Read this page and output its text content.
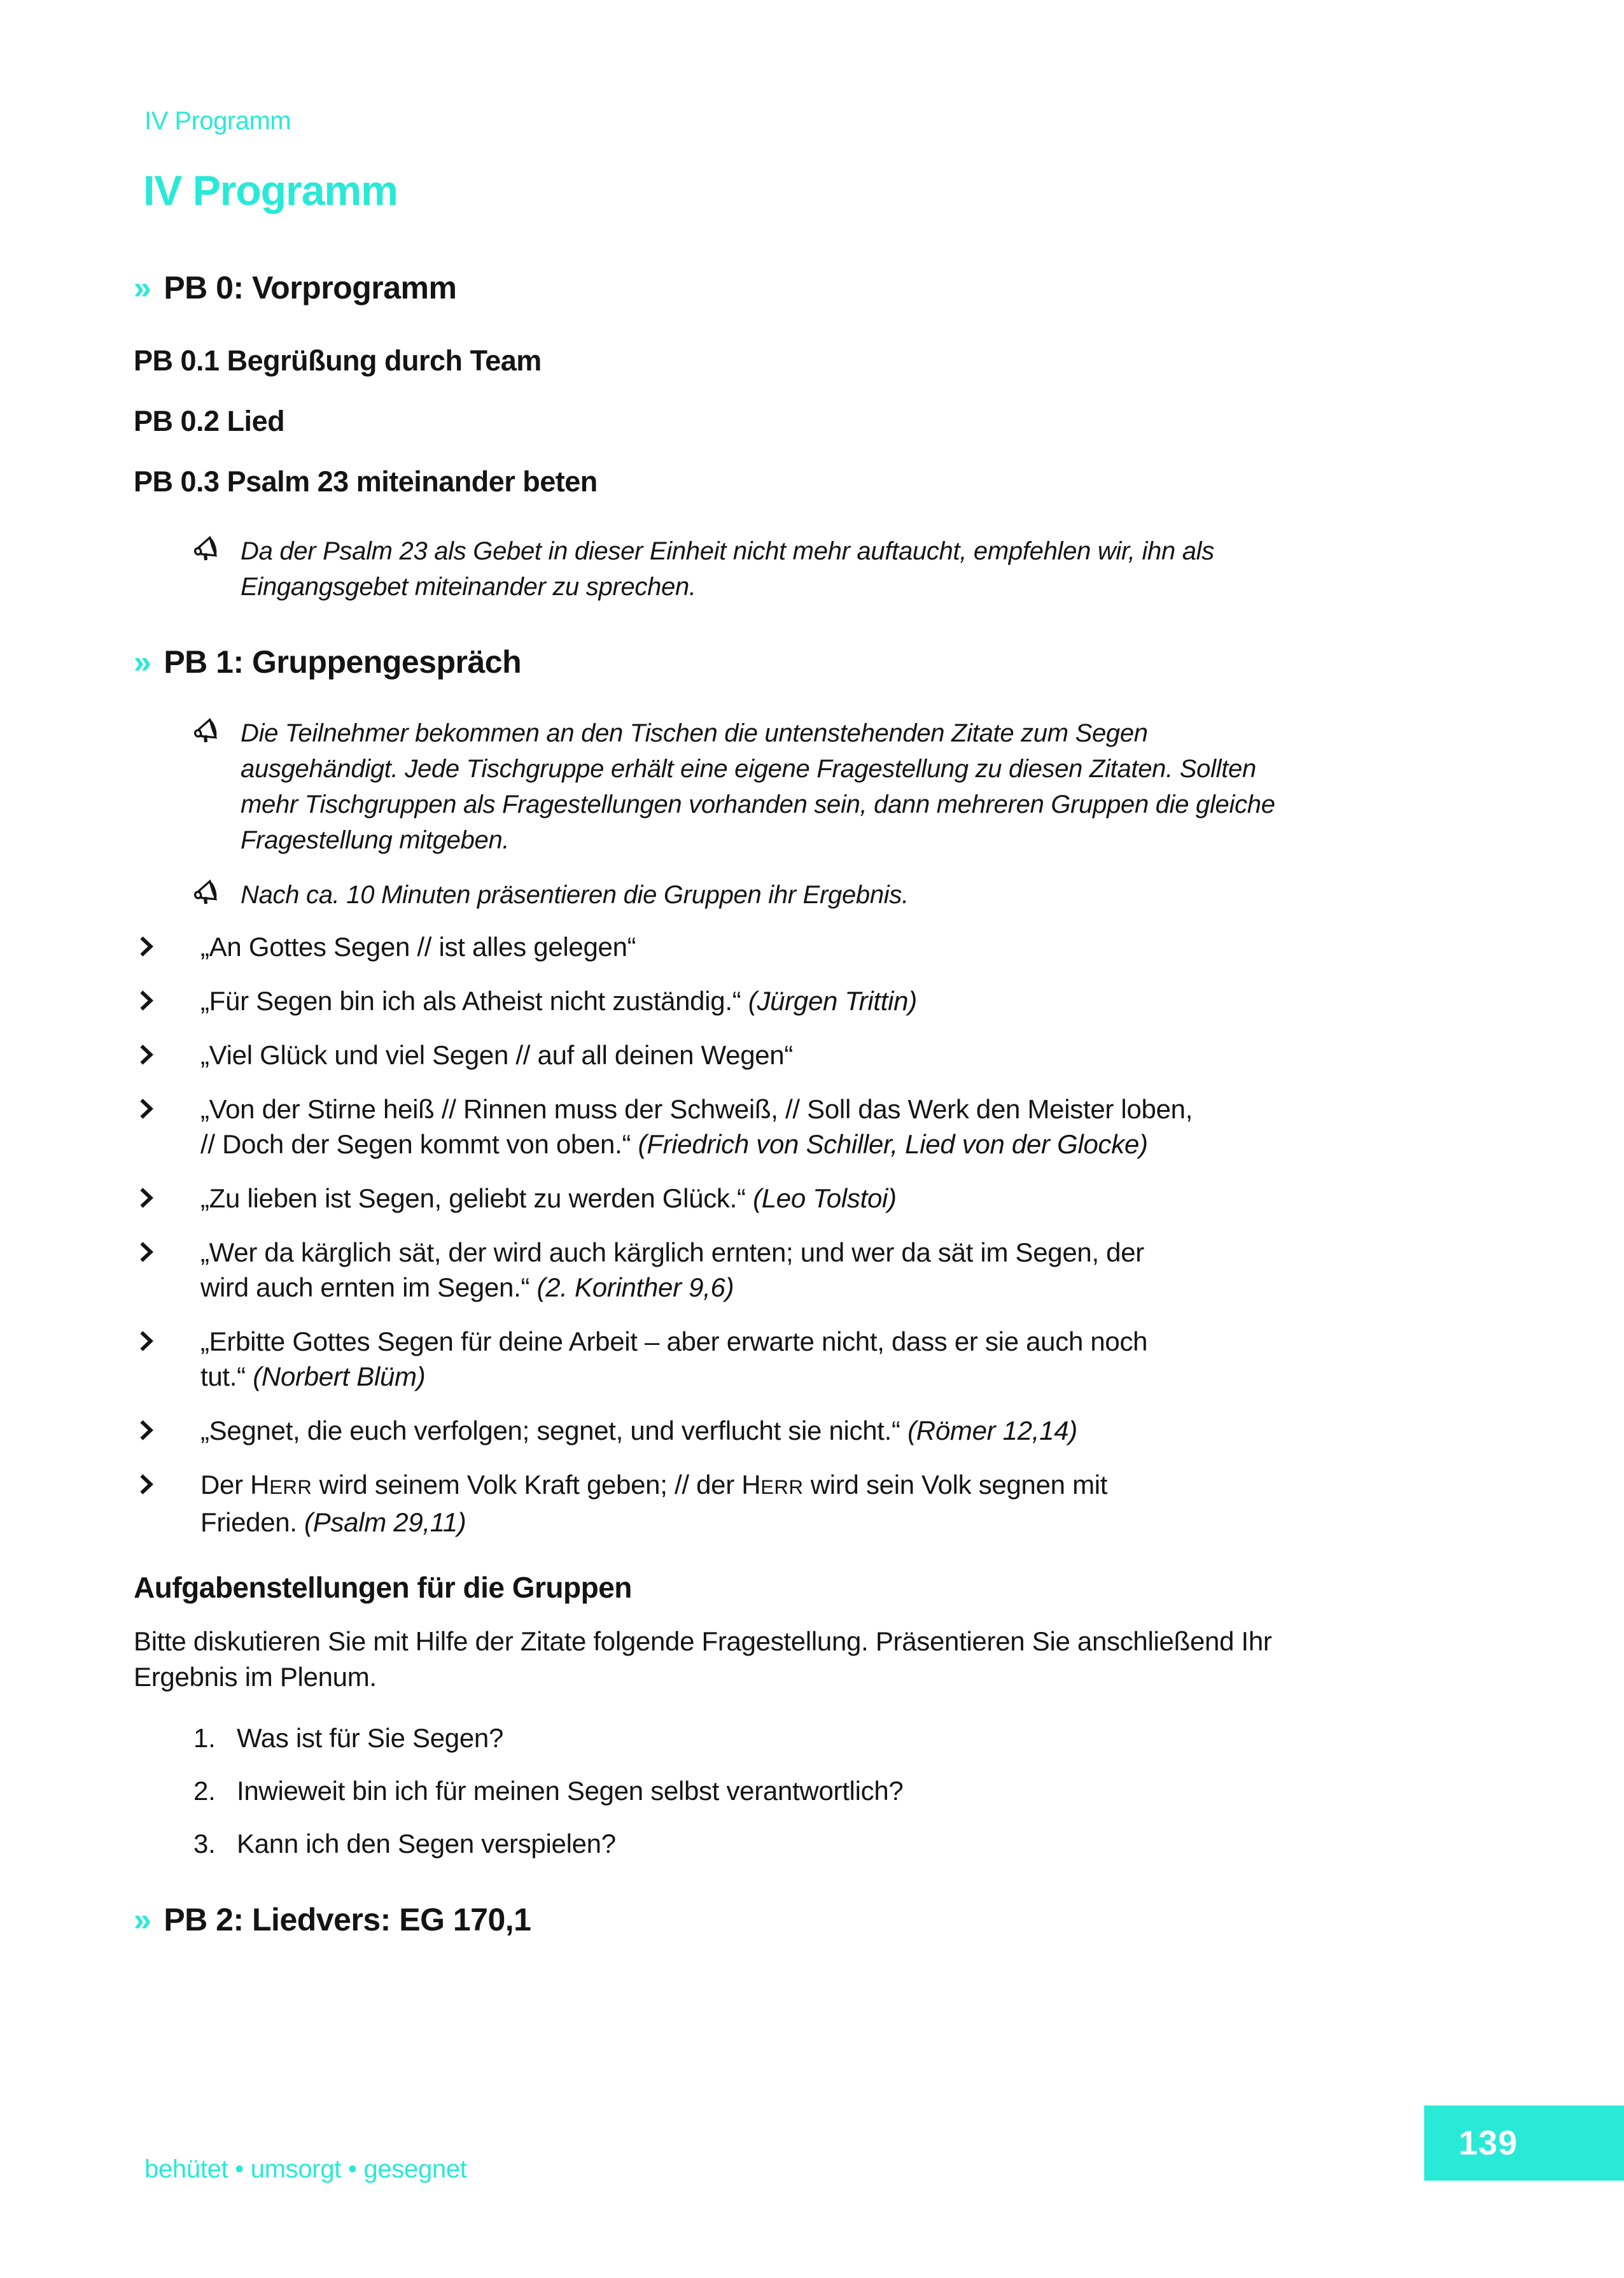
IV Programm
IV Programm
» PB 0: Vorprogramm
PB 0.1 Begrüßung durch Team
PB 0.2 Lied
PB 0.3 Psalm 23 miteinander beten
Da der Psalm 23 als Gebet in dieser Einheit nicht mehr auftaucht, empfehlen wir, ihn als Eingangsgebet miteinander zu sprechen.
» PB 1: Gruppengespräch
Die Teilnehmer bekommen an den Tischen die untenstehenden Zitate zum Segen ausgehändigt. Jede Tischgruppe erhält eine eigene Fragestellung zu diesen Zitaten. Sollten mehr Tischgruppen als Fragestellungen vorhanden sein, dann mehreren Gruppen die gleiche Fragestellung mitgeben.
Nach ca. 10 Minuten präsentieren die Gruppen ihr Ergebnis.
„An Gottes Segen // ist alles gelegen“
„Für Segen bin ich als Atheist nicht zuständig.“ (Jürgen Trittin)
„Viel Glück und viel Segen // auf all deinen Wegen“
„Von der Stirne heiß // Rinnen muss der Schweiß, // Soll das Werk den Meister loben, // Doch der Segen kommt von oben.“ (Friedrich von Schiller, Lied von der Glocke)
„Zu lieben ist Segen, geliebt zu werden Glück.“ (Leo Tolstoi)
„Wer da kärglich sät, der wird auch kärglich ernten; und wer da sät im Segen, der wird auch ernten im Segen.“ (2. Korinther 9,6)
„Erbitte Gottes Segen für deine Arbeit – aber erwarte nicht, dass er sie auch noch tut.“ (Norbert Blüm)
„Segnet, die euch verfolgen; segnet, und verflucht sie nicht.“ (Römer 12,14)
Der HERR wird seinem Volk Kraft geben; // der HERR wird sein Volk segnen mit Frieden. (Psalm 29,11)
Aufgabenstellungen für die Gruppen

Bitte diskutieren Sie mit Hilfe der Zitate folgende Fragestellung. Präsentieren Sie anschließend Ihr Ergebnis im Plenum.

Was ist für Sie Segen?
Inwieweit bin ich für meinen Segen selbst verantwortlich?
Kann ich den Segen verspielen?
» PB 2: Liedvers: EG 170,1
behütet • umsorgt • gesegnet
139
